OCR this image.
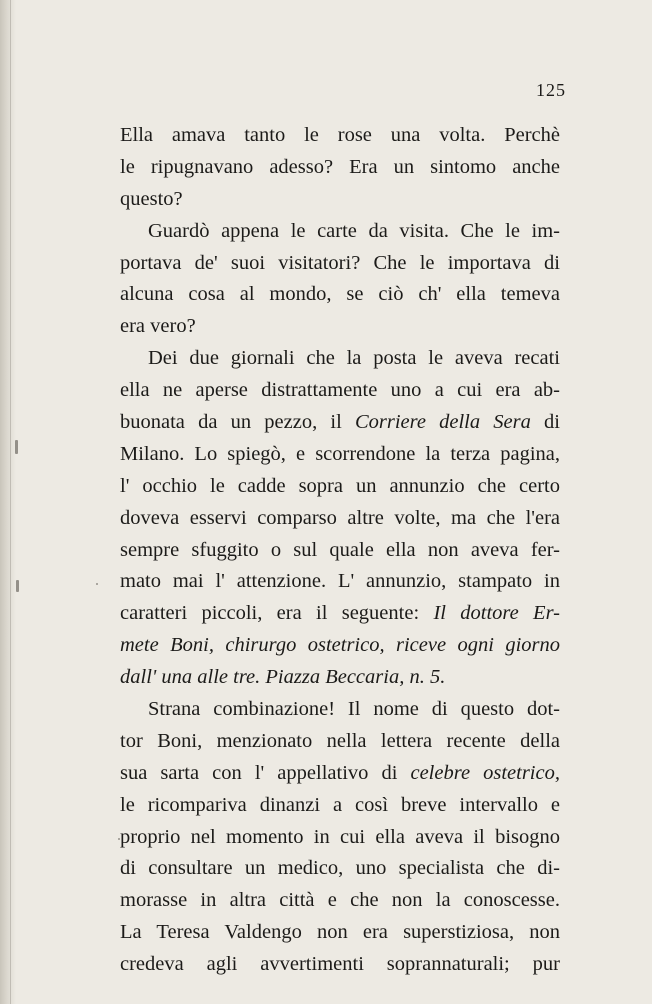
125
Ella amava tanto le rose una volta. Perchè
le ripugnavano adesso? Era un sintomo anche
questo?
Guardò appena le carte da visita. Che le im-
portava de' suoi visitatori? Che le importava di
alcuna cosa al mondo, se ciò ch' ella temeva
era vero?
Dei due giornali che la posta le aveva recati
ella ne aperse distrattamente uno a cui era ab-
buonata da un pezzo, il Corriere della Sera di
Milano. Lo spiegò, e scorrendone la terza pagina,
l' occhio le cadde sopra un annunzio che certo
doveva esservi comparso altre volte, ma che l'era
sempre sfuggito o sul quale ella non aveva fer-
mato mai l' attenzione. L' annunzio, stampato in
caratteri piccoli, era il seguente: Il dottore Er-
mete Boni, chirurgo ostetrico, riceve ogni giorno
dall' una alle tre. Piazza Beccaria, n. 5.
Strana combinazione! Il nome di questo dot-
tor Boni, menzionato nella lettera recente della
sua sarta con l' appellativo di celebre ostetrico,
le ricompariva dinanzi a così breve intervallo e
proprio nel momento in cui ella aveva il bisogno
di consultare un medico, uno specialista che di-
morasse in altra città e che non la conoscesse.
La Teresa Valdengo non era superstiziosa, non
credeva agli avvertimenti soprannaturali; pur
